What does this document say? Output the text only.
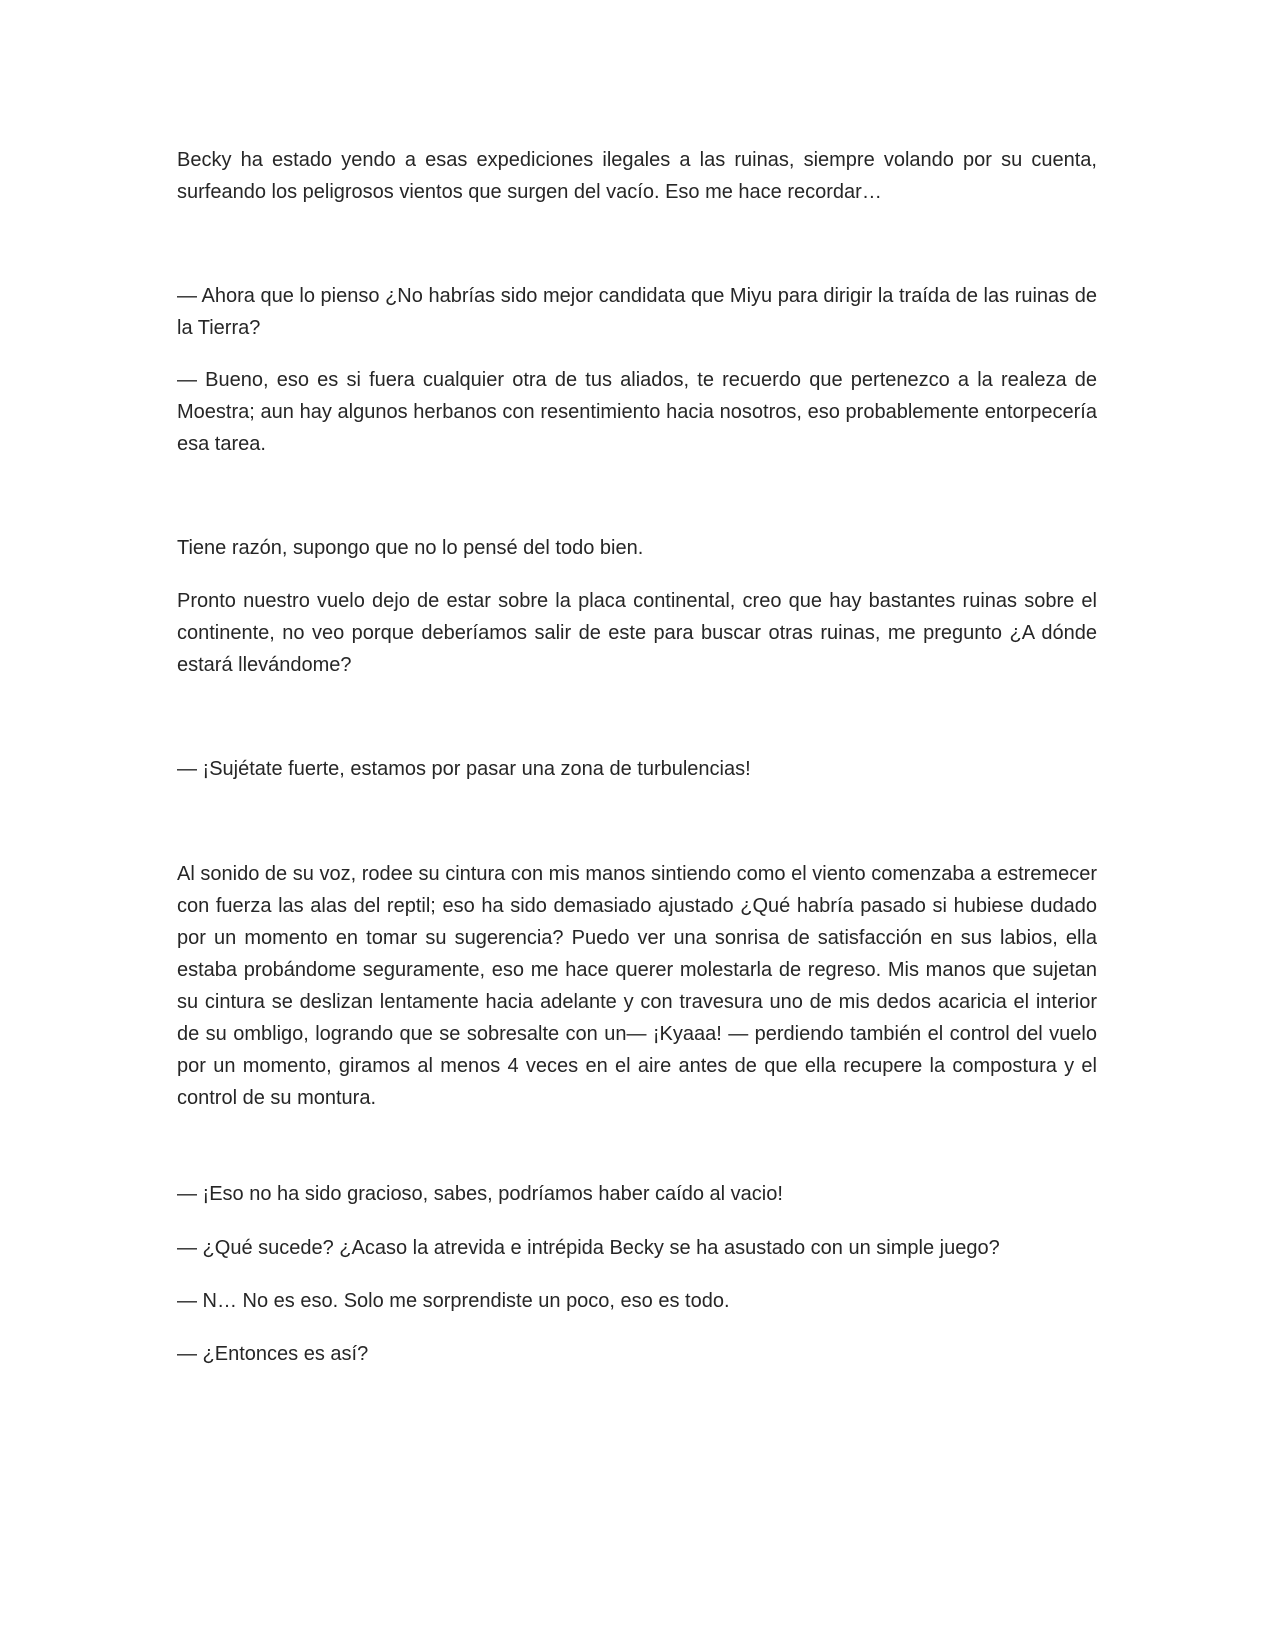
Becky ha estado yendo a esas expediciones ilegales a las ruinas, siempre volando por su cuenta, surfeando los peligrosos vientos que surgen del vacío. Eso me hace recordar…

— Ahora que lo pienso ¿No habrías sido mejor candidata que Miyu para dirigir la traída de las ruinas de la Tierra?

— Bueno, eso es si fuera cualquier otra de tus aliados, te recuerdo que pertenezco a la realeza de Moestra; aun hay algunos herbanos con resentimiento hacia nosotros, eso probablemente entorpecería esa tarea.

Tiene razón, supongo que no lo pensé del todo bien.

Pronto nuestro vuelo dejo de estar sobre la placa continental, creo que hay bastantes ruinas sobre el continente, no veo porque deberíamos salir de este para buscar otras ruinas, me pregunto ¿A dónde estará llevándome?

— ¡Sujétate fuerte, estamos por pasar una zona de turbulencias!

Al sonido de su voz, rodee su cintura con mis manos sintiendo como el viento comenzaba a estremecer con fuerza las alas del reptil; eso ha sido demasiado ajustado ¿Qué habría pasado si hubiese dudado por un momento en tomar su sugerencia? Puedo ver una sonrisa de satisfacción en sus labios, ella estaba probándome seguramente, eso me hace querer molestarla de regreso. Mis manos que sujetan su cintura se deslizan lentamente hacia adelante y con travesura uno de mis dedos acaricia el interior de su ombligo, logrando que se sobresalte con un— ¡Kyaaa! — perdiendo también el control del vuelo por un momento, giramos al menos 4 veces en el aire antes de que ella recupere la compostura y el control de su montura.

— ¡Eso no ha sido gracioso, sabes, podríamos haber caído al vacio!

— ¿Qué sucede? ¿Acaso la atrevida e intrépida Becky se ha asustado con un simple juego?

— N… No es eso. Solo me sorprendiste un poco, eso es todo.

— ¿Entonces es así?
